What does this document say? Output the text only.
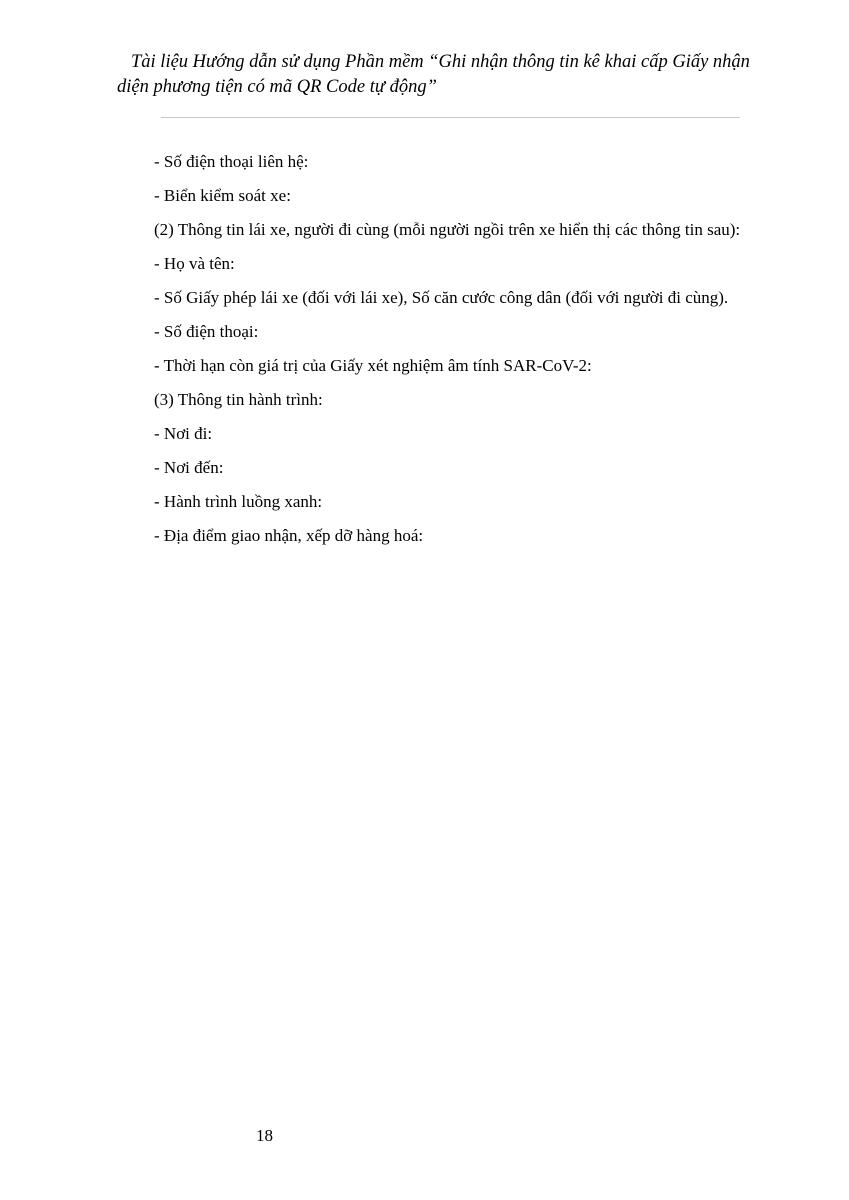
Tài liệu Hướng dẫn sử dụng Phần mềm “Ghi nhận thông tin kê khai cấp Giấy nhận
diện phương tiện có mã QR Code tự động”
- Số điện thoại liên hệ:
- Biển kiểm soát xe:
(2) Thông tin lái xe, người đi cùng (mỗi người ngồi trên xe hiển thị các thông tin sau):
- Họ và tên:
- Số Giấy phép lái xe (đối với lái xe), Số căn cước công dân (đối với người đi cùng).
- Số điện thoại:
- Thời hạn còn giá trị của Giấy xét nghiệm âm tính SAR-CoV-2:
(3) Thông tin hành trình:
- Nơi đi:
- Nơi đến:
- Hành trình luồng xanh:
- Địa điểm giao nhận, xếp dỡ hàng hoá:
18
